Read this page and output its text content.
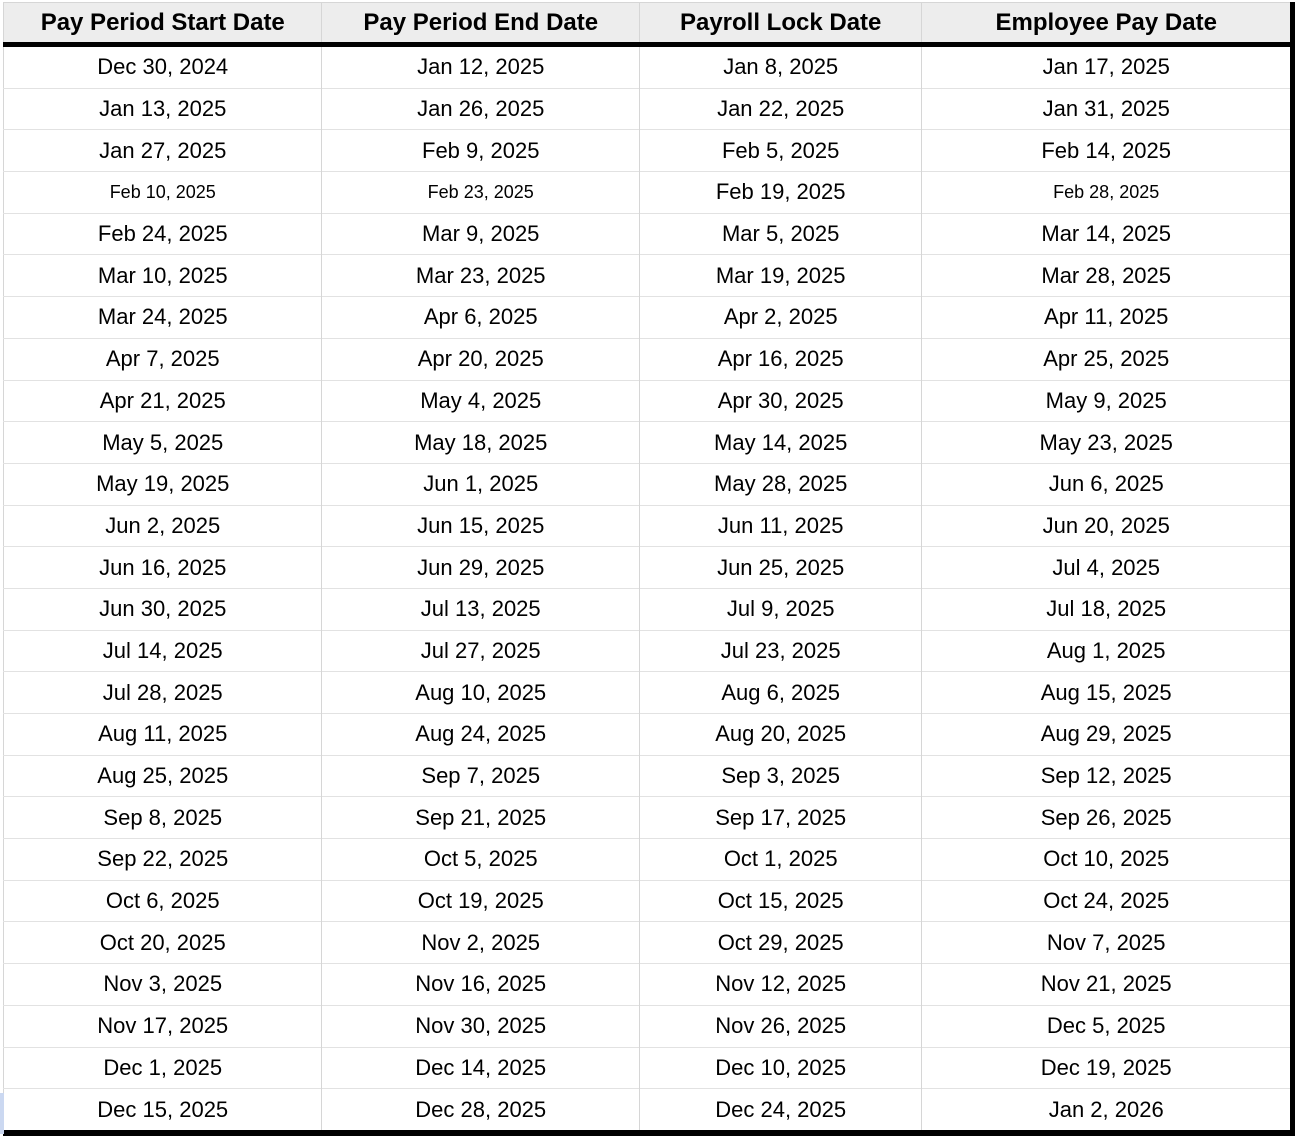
Pay Period Start Date	Pay Period End Date	Payroll Lock Date	Employee Pay Date
Dec 30, 2024	Jan 12, 2025	Jan 8, 2025	Jan 17, 2025
Jan 13, 2025	Jan 26, 2025	Jan 22, 2025	Jan 31, 2025
Jan 27, 2025	Feb 9, 2025	Feb 5, 2025	Feb 14, 2025
Feb 10, 2025	Feb 23, 2025	Feb 19, 2025	Feb 28, 2025
Feb 24, 2025	Mar 9, 2025	Mar 5, 2025	Mar 14, 2025
Mar 10, 2025	Mar 23, 2025	Mar 19, 2025	Mar 28, 2025
Mar 24, 2025	Apr 6, 2025	Apr 2, 2025	Apr 11, 2025
Apr 7, 2025	Apr 20, 2025	Apr 16, 2025	Apr 25, 2025
Apr 21, 2025	May 4, 2025	Apr 30, 2025	May 9, 2025
May 5, 2025	May 18, 2025	May 14, 2025	May 23, 2025
May 19, 2025	Jun 1, 2025	May 28, 2025	Jun 6, 2025
Jun 2, 2025	Jun 15, 2025	Jun 11, 2025	Jun 20, 2025
Jun 16, 2025	Jun 29, 2025	Jun 25, 2025	Jul 4, 2025
Jun 30, 2025	Jul 13, 2025	Jul 9, 2025	Jul 18, 2025
Jul 14, 2025	Jul 27, 2025	Jul 23, 2025	Aug 1, 2025
Jul 28, 2025	Aug 10, 2025	Aug 6, 2025	Aug 15, 2025
Aug 11, 2025	Aug 24, 2025	Aug 20, 2025	Aug 29, 2025
Aug 25, 2025	Sep 7, 2025	Sep 3, 2025	Sep 12, 2025
Sep 8, 2025	Sep 21, 2025	Sep 17, 2025	Sep 26, 2025
Sep 22, 2025	Oct 5, 2025	Oct 1, 2025	Oct 10, 2025
Oct 6, 2025	Oct 19, 2025	Oct 15, 2025	Oct 24, 2025
Oct 20, 2025	Nov 2, 2025	Oct 29, 2025	Nov 7, 2025
Nov 3, 2025	Nov 16, 2025	Nov 12, 2025	Nov 21, 2025
Nov 17, 2025	Nov 30, 2025	Nov 26, 2025	Dec 5, 2025
Dec 1, 2025	Dec 14, 2025	Dec 10, 2025	Dec 19, 2025
Dec 15, 2025	Dec 28, 2025	Dec 24, 2025	Jan 2, 2026
